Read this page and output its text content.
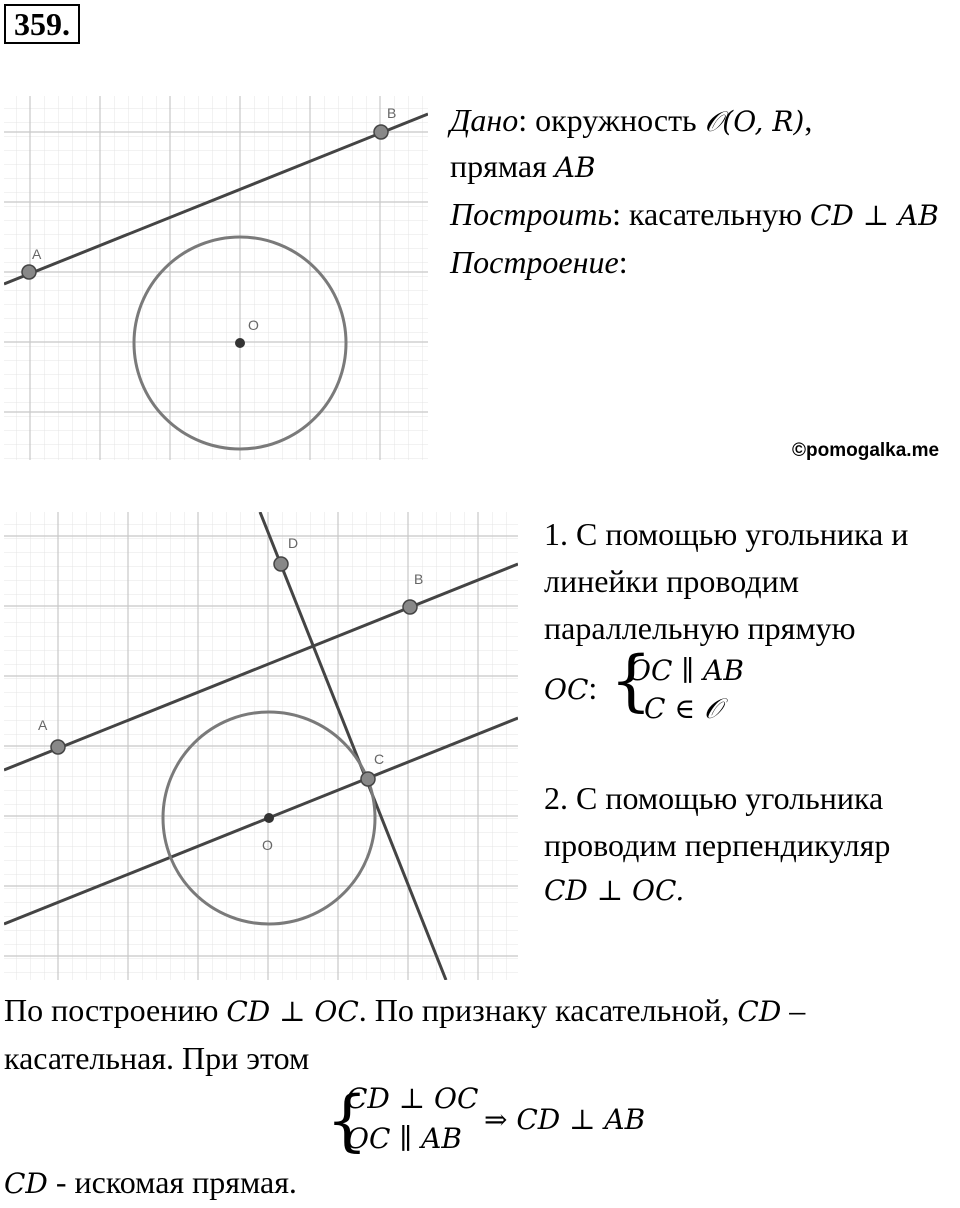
359.
A
B
O
Дано: окружность 𝒪(O, R),
прямая AB
Построить: касательную CD ⊥ AB
Построение:
©pomogalka.me
A
B
C
D
O
1. С помощью угольника и
линейки проводим
параллельную прямую
OC: {
OC ∥ AB
C ∈ 𝒪
2. С помощью угольника
проводим перпендикуляр
CD ⊥ OC.
По построению CD ⊥ OC. По признаку касательной, CD –
касательная. При этом
{
CD ⊥ OC
OC ∥ AB
⇒ CD ⊥ AB
CD - искомая прямая.
